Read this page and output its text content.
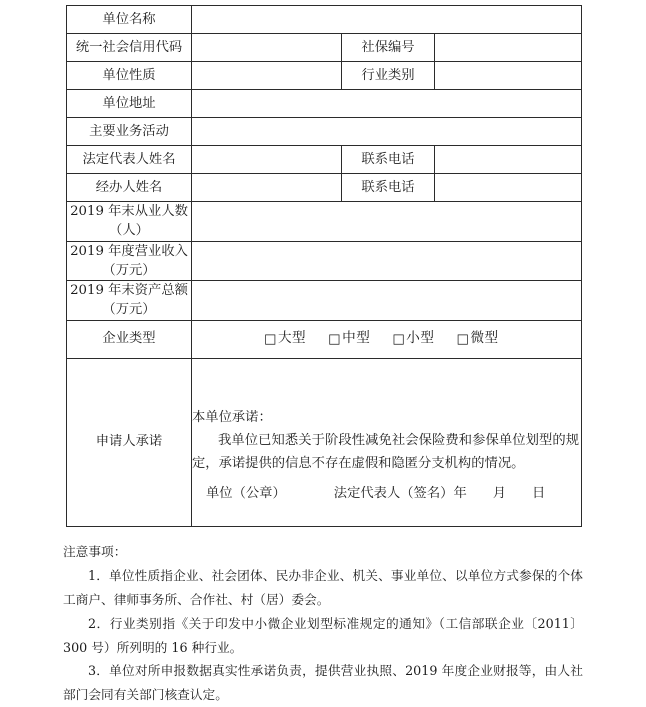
单位名称			
统一社会信用代码		社保编号	
单位性质		行业类别	
单位地址			
主要业务活动			
法定代表人姓名		联系电话	
经办人姓名		联系电话	

2019 年末从业人数
（人）			

2019 年度营业收入
（万元）			

2019 年末资产总额
（万元）			

企业类型	□ 大型 □ 中型 □ 小型 □ 微型

申请人承诺	
本单位承诺：
我单位已知悉关于阶段性减免社会保险费和参保单位划型的规定，承诺提供的信息不存在虚假和隐匿分支机构的情况。
单位（公章）	法定代表人（签名） 年 月 日

注意事项：

1．单位性质指企业、社会团体、民办非企业、机关、事业单位、以单位方式参保的个体工商户、律师事务所、合作社、村（居）委会。

2．行业类别指《关于印发中小微企业划型标准规定的通知》（工信部联企业〔2011〕300 号）所列明的 16 种行业。

3．单位对所申报数据真实性承诺负责，提供营业执照、2019 年度企业财报等，由人社部门会同有关部门核查认定。
